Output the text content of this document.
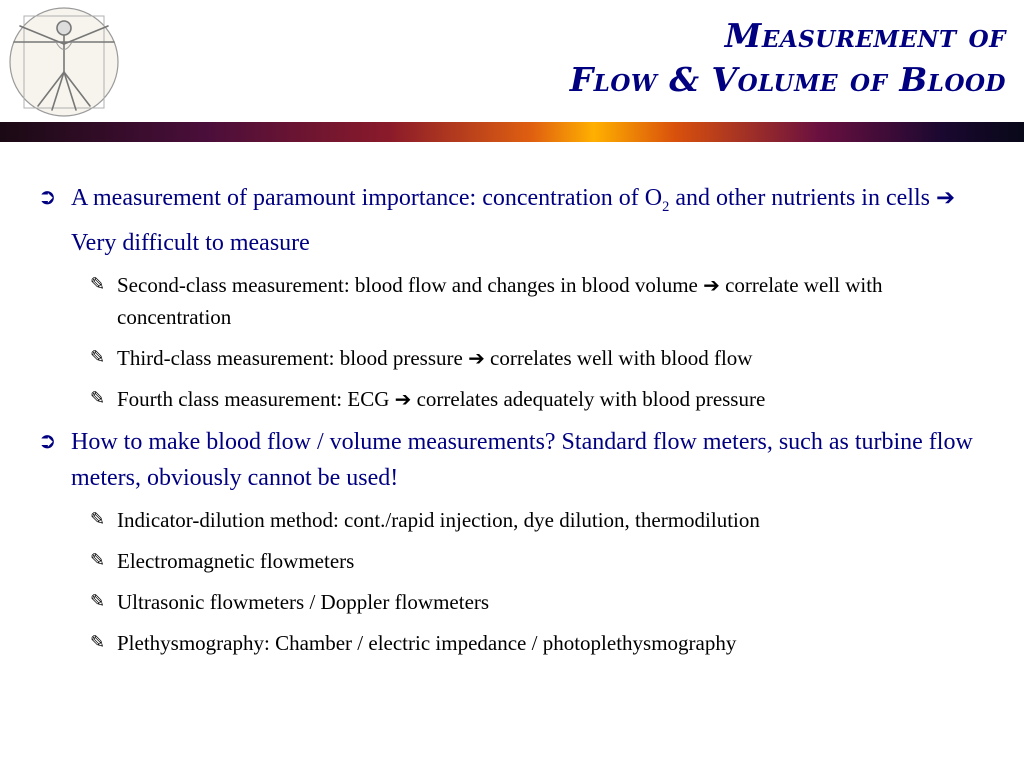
Measurement of
Flow & Volume of Blood
➲ A measurement of paramount importance: concentration of $O_2$ and other nutrients in cells ➔ Very difficult to measure
✎ Second-class measurement: blood flow and changes in blood volume ➔ correlate well with concentration
✎ Third-class measurement: blood pressure ➔ correlates well with blood flow
✎ Fourth class measurement: ECG ➔ correlates adequately with blood pressure
➲ How to make blood flow / volume measurements? Standard flow meters, such as turbine flow meters, obviously cannot be used!
✎ Indicator-dilution method: cont./rapid injection, dye dilution, thermodilution
✎ Electromagnetic flowmeters
✎ Ultrasonic flowmeters / Doppler flowmeters
✎ Plethysmography: Chamber / electric impedance / photoplethysmography
